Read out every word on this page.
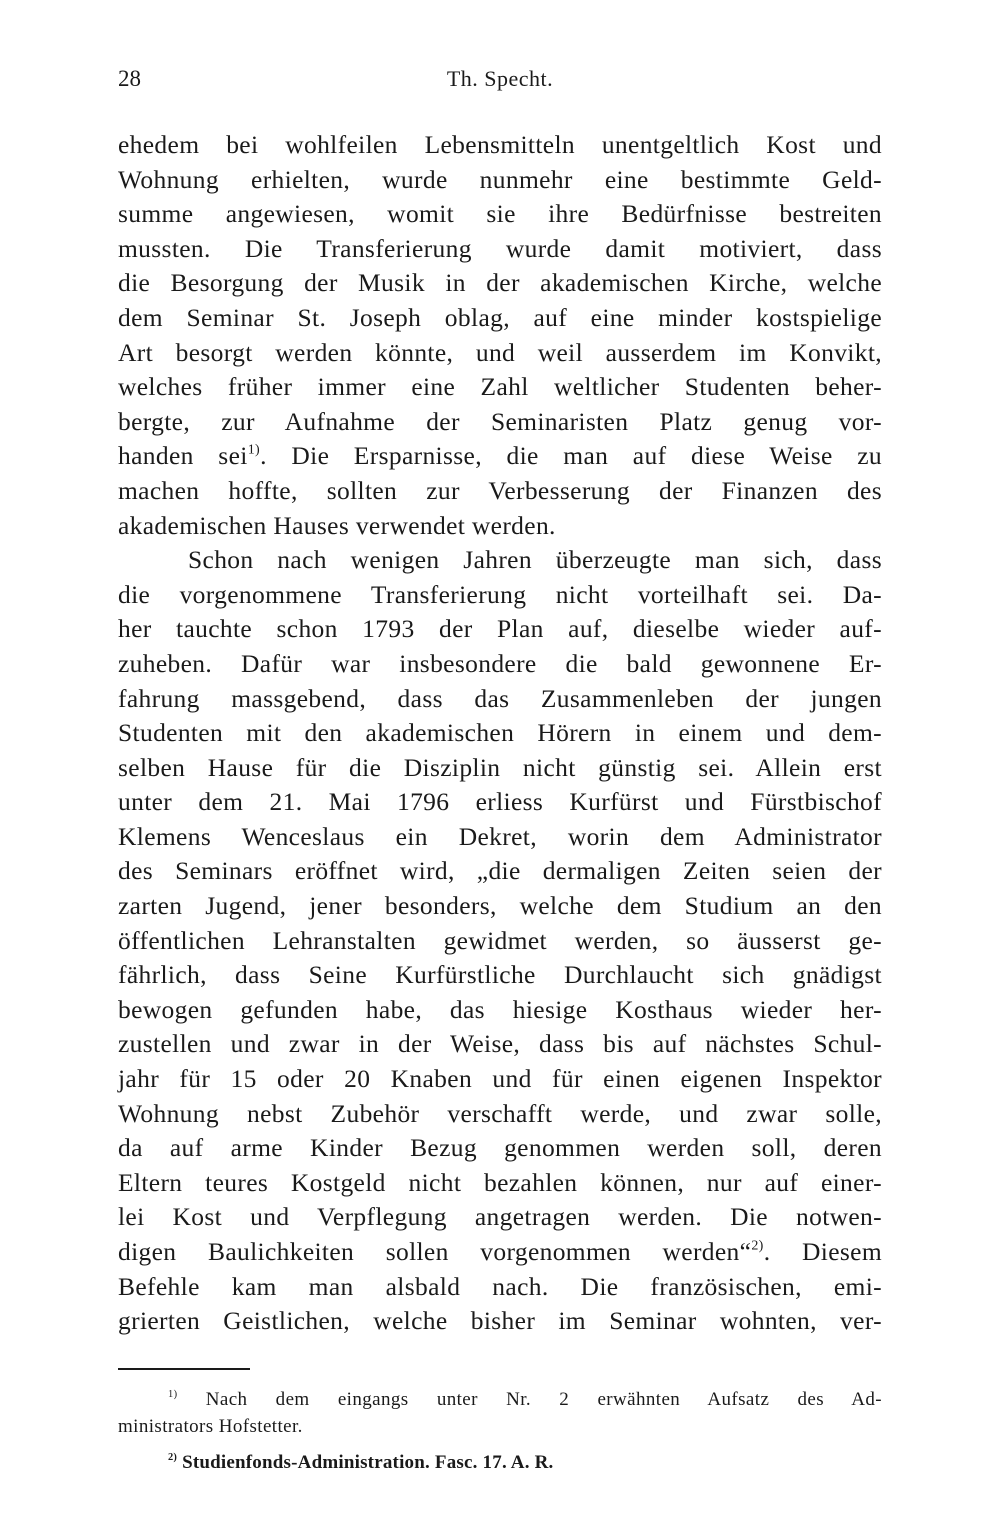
28	Th. Specht.
ehedem bei wohlfeilen Lebensmitteln unentgeltlich Kost und
Wohnung erhielten, wurde nunmehr eine bestimmte Geld-
summe angewiesen, womit sie ihre Bedürfnisse bestreiten
mussten. Die Transferierung wurde damit motiviert, dass
die Besorgung der Musik in der akademischen Kirche, welche
dem Seminar St. Joseph oblag, auf eine minder kostspielige
Art besorgt werden könnte, und weil ausserdem im Konvikt,
welches früher immer eine Zahl weltlicher Studenten beher-
bergte, zur Aufnahme der Seminaristen Platz genug vor-
handen sei$^{1)}$. Die Ersparnisse, die man auf diese Weise zu
machen hoffte, sollten zur Verbesserung der Finanzen des
akademischen Hauses verwendet werden.
Schon nach wenigen Jahren überzeugte man sich, dass
die vorgenommene Transferierung nicht vorteilhaft sei. Da-
her tauchte schon 1793 der Plan auf, dieselbe wieder auf-
zuheben. Dafür war insbesondere die bald gewonnene Er-
fahrung massgebend, dass das Zusammenleben der jungen
Studenten mit den akademischen Hörern in einem und dem-
selben Hause für die Disziplin nicht günstig sei. Allein erst
unter dem 21. Mai 1796 erliess Kurfürst und Fürstbischof
Klemens Wenceslaus ein Dekret, worin dem Administrator
des Seminars eröffnet wird, „die dermaligen Zeiten seien der
zarten Jugend, jener besonders, welche dem Studium an den
öffentlichen Lehranstalten gewidmet werden, so äusserst ge-
fährlich, dass Seine Kurfürstliche Durchlaucht sich gnädigst
bewogen gefunden habe, das hiesige Kosthaus wieder her-
zustellen und zwar in der Weise, dass bis auf nächstes Schul-
jahr für 15 oder 20 Knaben und für einen eigenen Inspektor
Wohnung nebst Zubehör verschafft werde, und zwar solle,
da auf arme Kinder Bezug genommen werden soll, deren
Eltern teures Kostgeld nicht bezahlen können, nur auf einer-
lei Kost und Verpflegung angetragen werden. Die notwen-
digen Baulichkeiten sollen vorgenommen werden“$^{2)}$. Diesem
Befehle kam man alsbald nach. Die französischen, emi-
grierten Geistlichen, welche bisher im Seminar wohnten, ver-
$^{1)}$ Nach dem eingangs unter Nr. 2 erwähnten Aufsatz des Ad-
ministrators Hofstetter.
$^{2)}$ Studienfonds-Administration. Fasc. 17. A. R.
